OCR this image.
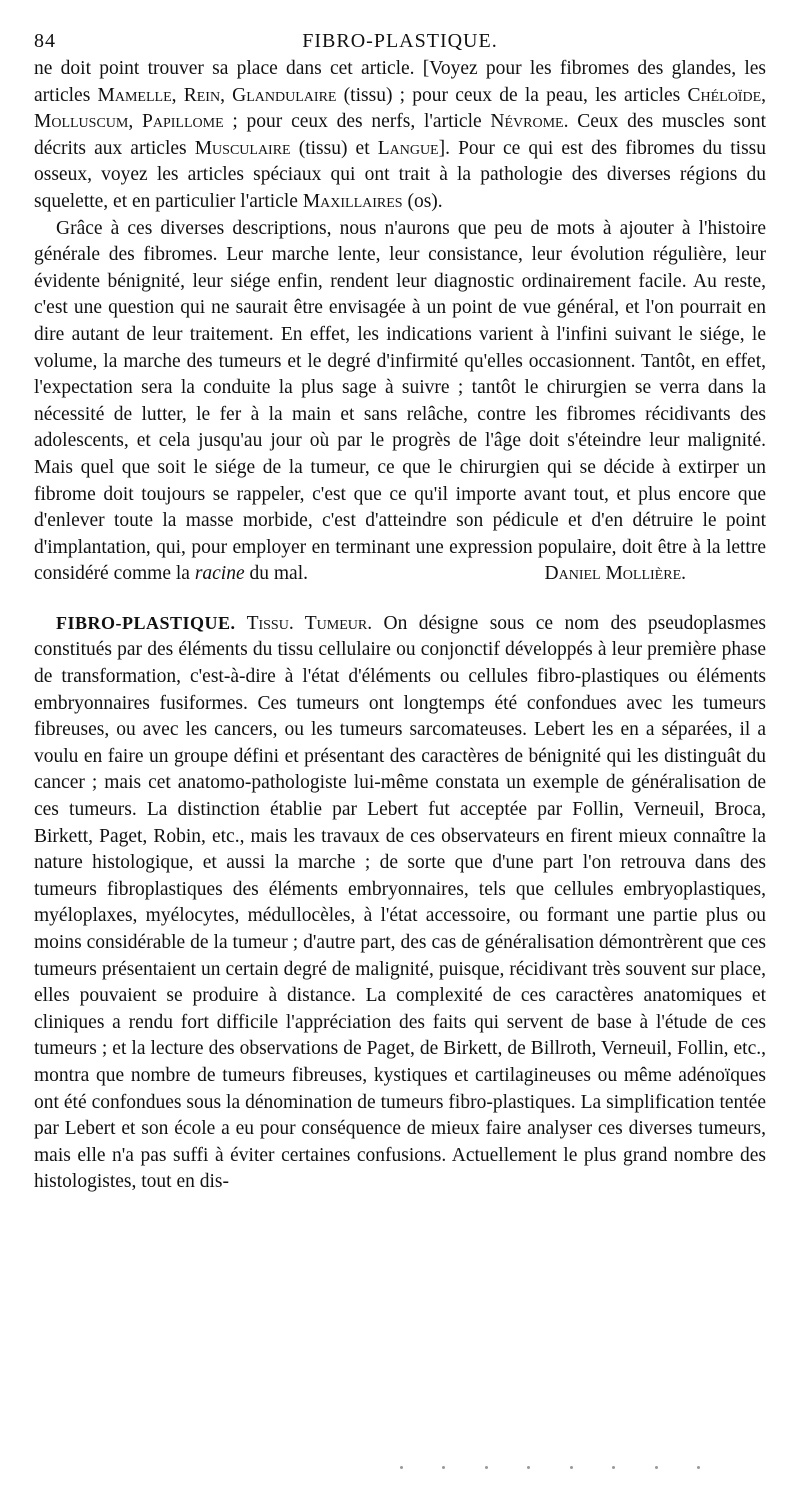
84	FIBRO-PLASTIQUE.

ne doit point trouver sa place dans cet article. [Voyez pour les fibromes des glandes, les articles Mamelle, Rein, Glandulaire (tissu) ; pour ceux de la peau, les articles Chéloïde, Molluscum, Papillome ; pour ceux des nerfs, l'article Névrome. Ceux des muscles sont décrits aux articles Musculaire (tissu) et Langue]. Pour ce qui est des fibromes du tissu osseux, voyez les articles spéciaux qui ont trait à la pathologie des diverses régions du squelette, et en particulier l'article Maxillaires (os).

Grâce à ces diverses descriptions, nous n'aurons que peu de mots à ajouter à l'histoire générale des fibromes. Leur marche lente, leur consistance, leur évolution régulière, leur évidente bénignité, leur siége enfin, rendent leur diagnostic ordinairement facile. Au reste, c'est une question qui ne saurait être envisagée à un point de vue général, et l'on pourrait en dire autant de leur traitement. En effet, les indications varient à l'infini suivant le siége, le volume, la marche des tumeurs et le degré d'infirmité qu'elles occasionnent. Tantôt, en effet, l'expectation sera la conduite la plus sage à suivre ; tantôt le chirurgien se verra dans la nécessité de lutter, le fer à la main et sans relâche, contre les fibromes récidivants des adolescents, et cela jusqu'au jour où par le progrès de l'âge doit s'éteindre leur malignité. Mais quel que soit le siége de la tumeur, ce que le chirurgien qui se décide à extirper un fibrome doit toujours se rappeler, c'est que ce qu'il importe avant tout, et plus encore que d'enlever toute la masse morbide, c'est d'atteindre son pédicule et d'en détruire le point d'implantation, qui, pour employer en terminant une expression populaire, doit être à la lettre considéré comme la racine du mal.	Daniel Mollière.

FIBRO-PLASTIQUE. Tissu. Tumeur. On désigne sous ce nom des pseudoplasmes constitués par des éléments du tissu cellulaire ou conjonctif développés à leur première phase de transformation, c'est-à-dire à l'état d'éléments ou cellules fibro-plastiques ou éléments embryonnaires fusiformes. Ces tumeurs ont longtemps été confondues avec les tumeurs fibreuses, ou avec les cancers, ou les tumeurs sarcomateuses. Lebert les en a séparées, il a voulu en faire un groupe défini et présentant des caractères de bénignité qui les distinguât du cancer ; mais cet anatomo-pathologiste lui-même constata un exemple de généralisation de ces tumeurs. La distinction établie par Lebert fut acceptée par Follin, Verneuil, Broca, Birkett, Paget, Robin, etc., mais les travaux de ces observateurs en firent mieux connaître la nature histologique, et aussi la marche ; de sorte que d'une part l'on retrouva dans des tumeurs fibroplastiques des éléments embryonnaires, tels que cellules embryoplastiques, myéloplaxes, myélocytes, médullocèles, à l'état accessoire, ou formant une partie plus ou moins considérable de la tumeur ; d'autre part, des cas de généralisation démontrèrent que ces tumeurs présentaient un certain degré de malignité, puisque, récidivant très souvent sur place, elles pouvaient se produire à distance. La complexité de ces caractères anatomiques et cliniques a rendu fort difficile l'appréciation des faits qui servent de base à l'étude de ces tumeurs ; et la lecture des observations de Paget, de Birkett, de Billroth, Verneuil, Follin, etc., montra que nombre de tumeurs fibreuses, kystiques et cartilagineuses ou même adénoïques ont été confondues sous la dénomination de tumeurs fibro-plastiques. La simplification tentée par Lebert et son école a eu pour conséquence de mieux faire analyser ces diverses tumeurs, mais elle n'a pas suffi à éviter certaines confusions. Actuellement le plus grand nombre des histologistes, tout en dis-
